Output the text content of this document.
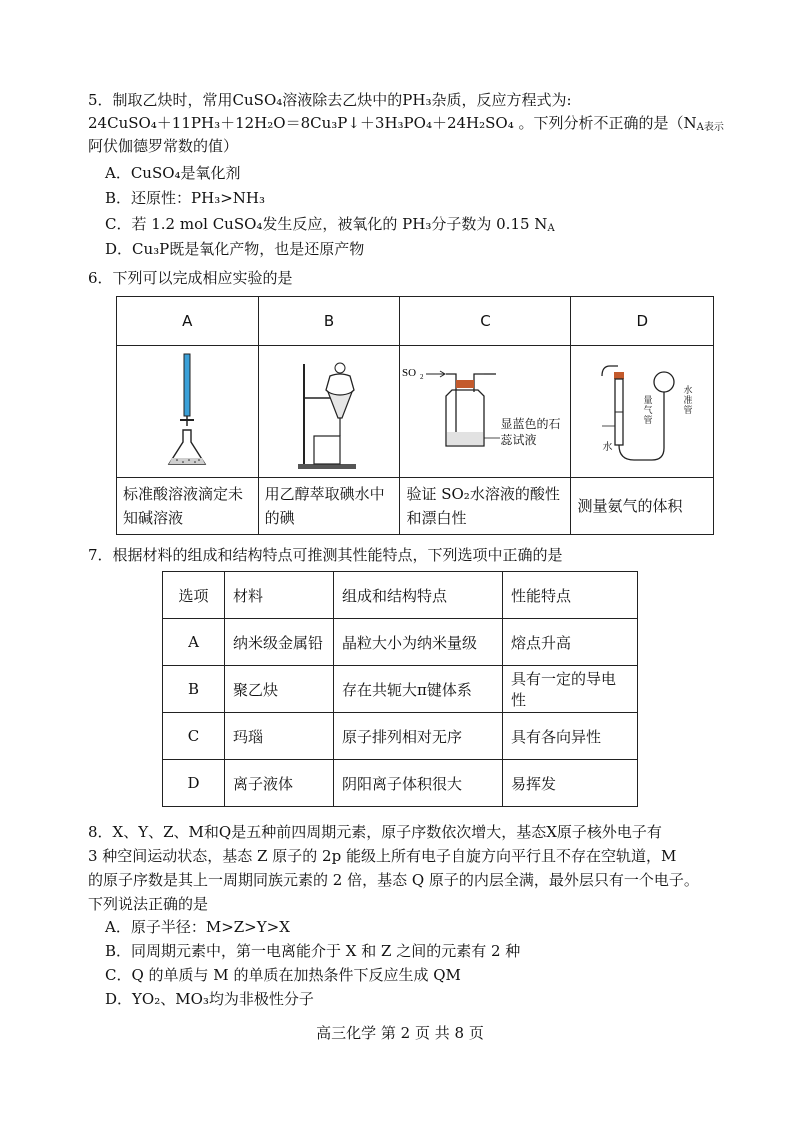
5．制取乙炔时，常用CuSO₄溶液除去乙炔中的PH₃杂质，反应方程式为:
24CuSO₄＋11PH₃＋12H₂O＝8Cu₃P↓＋3H₃PO₄＋24H₂SO₄ 。下列分析不正确的是（$N_{A表示}$
阿伏伽德罗常数的值）
A．CuSO₄是氧化剂
B．还原性：PH₃>NH₃
C．若 1.2 mol CuSO₄发生反应，被氧化的 PH₃分子数为 0.15 $N_A$
D．Cu₃P既是氧化产物，也是还原产物
6．下列可以完成相应实验的是
A	B	C	D

SO 2
显蓝色的石蕊试液	水
量气管
水准管

标准酸溶液滴定未知碱溶液	用乙醇萃取碘水中的碘	验证 SO₂水溶液的酸性和漂白性	测量氨气的体积
7．根据材料的组成和结构特点可推测其性能特点，下列选项中正确的是
选项	材料	组成和结构特点	性能特点
A	纳米级金属铅	晶粒大小为纳米量级	熔点升高
B	聚乙炔	存在共轭大π键体系	具有一定的导电性
C	玛瑙	原子排列相对无序	具有各向异性
D	离子液体	阴阳离子体积很大	易挥发
8．X、Y、Z、M和Q是五种前四周期元素，原子序数依次增大，基态X原子核外电子有
3 种空间运动状态，基态 Z 原子的 2p 能级上所有电子自旋方向平行且不存在空轨道，M
的原子序数是其上一周期同族元素的 2 倍，基态 Q 原子的内层全满，最外层只有一个电子。
下列说法正确的是
A．原子半径：M>Z>Y>X
B．同周期元素中，第一电离能介于 X 和 Z 之间的元素有 2 种
C．Q 的单质与 M 的单质在加热条件下反应生成 QM
D．YO₂、MO₃均为非极性分子
高三化学 第 2 页 共 8 页
